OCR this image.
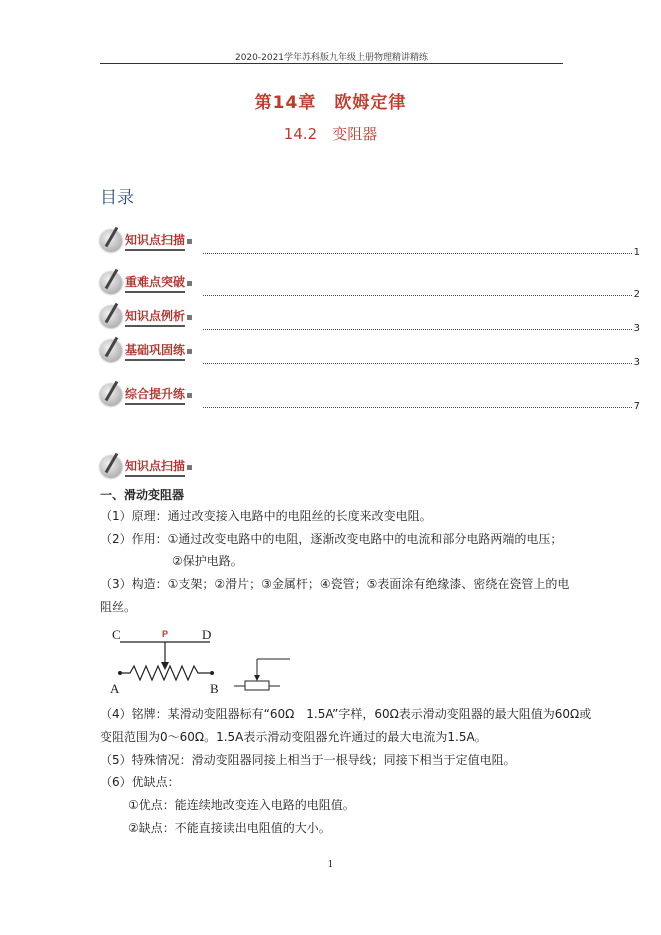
2020-2021学年苏科版九年级上册物理精讲精练
第14章　欧姆定律
14.2　变阻器
目录
知识点扫描
1
重难点突破
2
知识点例析
3
基础巩固练
3
综合提升练
7
知识点扫描
一、滑动变阻器
（1）原理：通过改变接入电路中的电阻丝的长度来改变电阻。
（2）作用：①通过改变电路中的电阻，逐渐改变电路中的电流和部分电路两端的电压；
②保护电路。
（3）构造：①支架；②滑片；③金属杆；④瓷管；⑤表面涂有绝缘漆、密绕在瓷管上的电
阻丝。
C	D
P
A	B
（4）铭牌：某滑动变阻器标有“60Ω　1.5A”字样，60Ω表示滑动变阻器的最大阻值为60Ω或
变阻范围为0～60Ω。1.5A表示滑动变阻器允许通过的最大电流为1.5A。
（5）特殊情况：滑动变阻器同接上相当于一根导线；同接下相当于定值电阻。
（6）优缺点：
①优点：能连续地改变连入电路的电阻值。
②缺点：不能直接读出电阻值的大小。
1
